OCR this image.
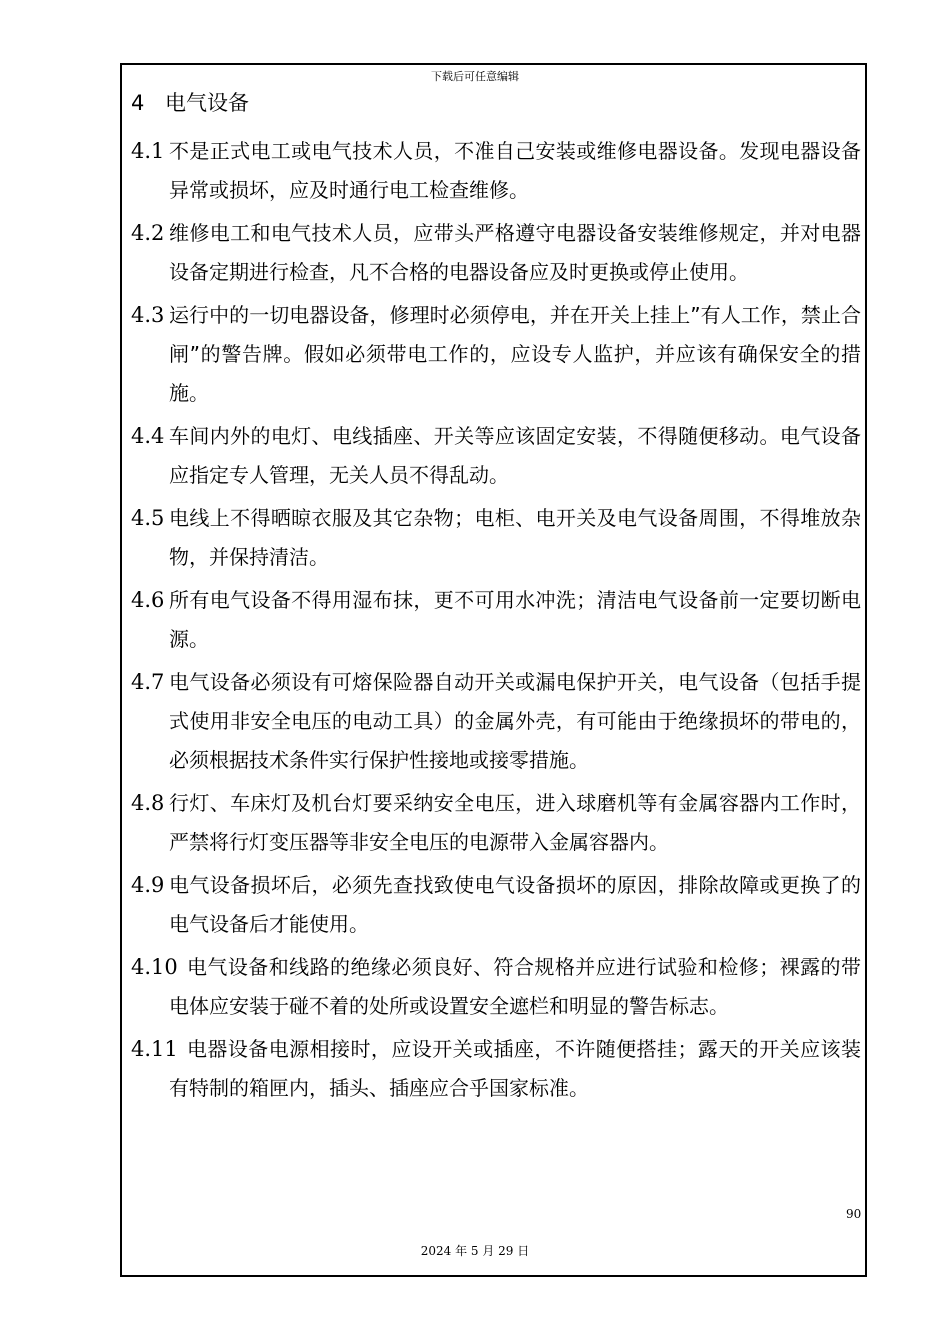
下载后可任意编辑
4 电气设备
4.1 不是正式电工或电气技术人员，不准自己安装或维修电器设备。发现电器设备异常或损坏，应及时通行电工检查维修。
4.2 维修电工和电气技术人员，应带头严格遵守电器设备安装维修规定，并对电器设备定期进行检查，凡不合格的电器设备应及时更换或停止使用。
4.3 运行中的一切电器设备，修理时必须停电，并在开关上挂上”有人工作，禁止合闸”的警告牌。假如必须带电工作的，应设专人监护，并应该有确保安全的措施。
4.4 车间内外的电灯、电线插座、开关等应该固定安装，不得随便移动。电气设备应指定专人管理，无关人员不得乱动。
4.5 电线上不得晒晾衣服及其它杂物；电柜、电开关及电气设备周围，不得堆放杂物，并保持清洁。
4.6 所有电气设备不得用湿布抹，更不可用水冲洗；清洁电气设备前一定要切断电源。
4.7 电气设备必须设有可熔保险器自动开关或漏电保护开关，电气设备（包括手提式使用非安全电压的电动工具）的金属外壳，有可能由于绝缘损坏的带电的，必须根据技术条件实行保护性接地或接零措施。
4.8 行灯、车床灯及机台灯要采纳安全电压，进入球磨机等有金属容器内工作时，严禁将行灯变压器等非安全电压的电源带入金属容器内。
4.9 电气设备损坏后，必须先查找致使电气设备损坏的原因，排除故障或更换了的电气设备后才能使用。
4.10 电气设备和线路的绝缘必须良好、符合规格并应进行试验和检修；裸露的带电体应安装于碰不着的处所或设置安全遮栏和明显的警告标志。
4.11 电器设备电源相接时，应设开关或插座，不许随便搭挂；露天的开关应该装有特制的箱匣内，插头、插座应合乎国家标准。
90
2024 年 5 月 29 日
